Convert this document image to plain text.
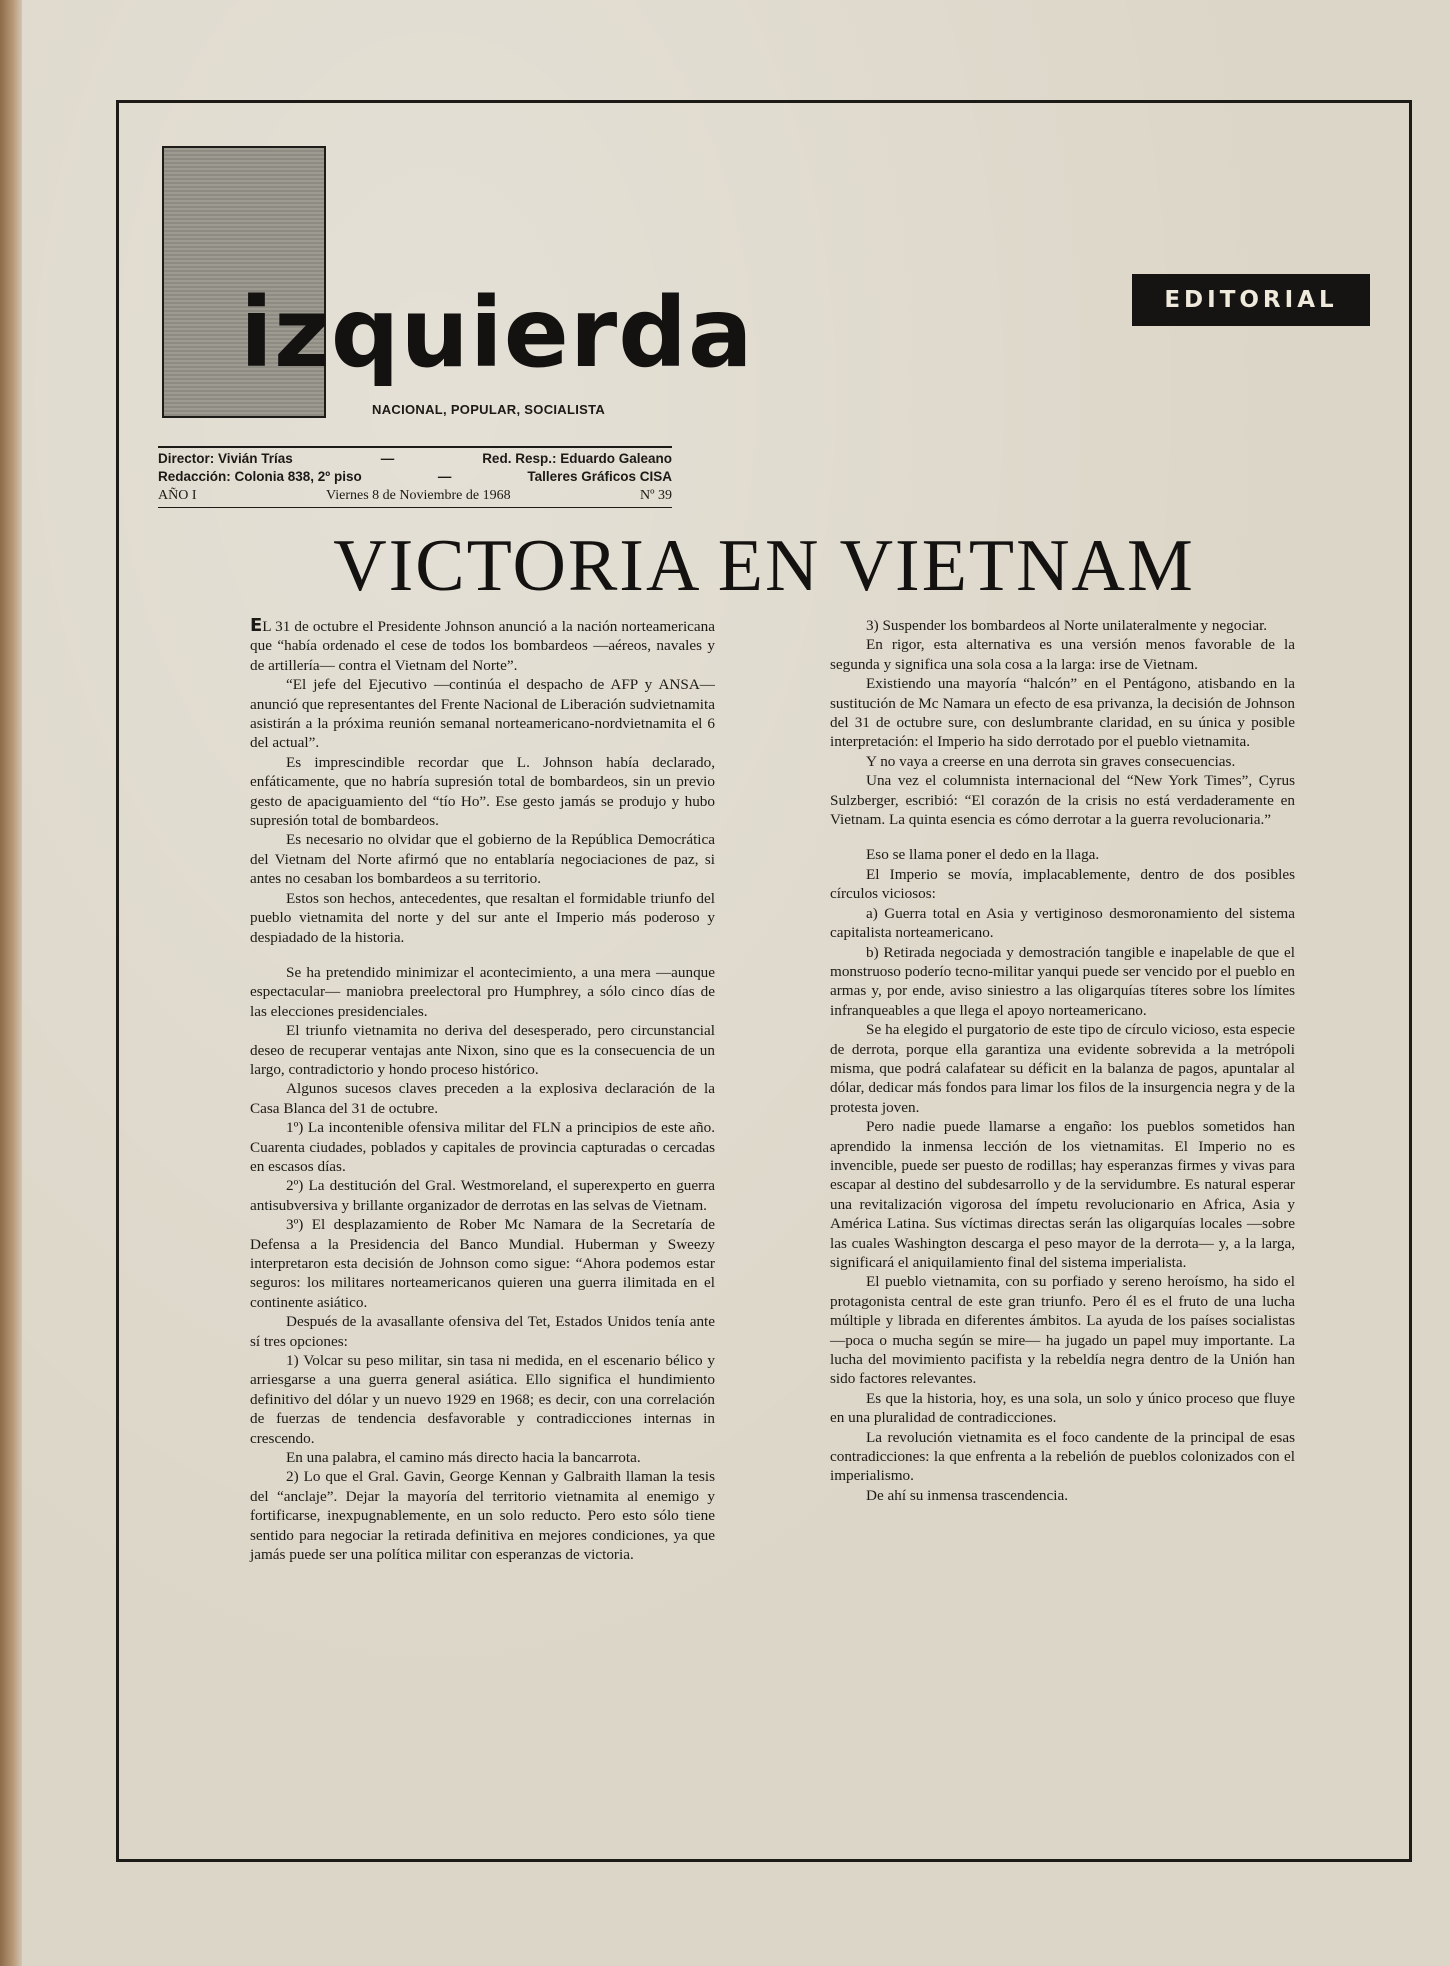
izquierda
NACIONAL, POPULAR, SOCIALISTA
Director: Vivián Trías	—	Red. Resp.: Eduardo Galeano
Redacción: Colonia 838, 2º piso	—	Talleres Gráficos CISA
AÑO I	Viernes 8 de Noviembre de 1968	Nº 39
EDITORIAL
VICTORIA EN VIETNAM

EL 31 de octubre el Presidente Johnson anunció a la nación norteamericana que “había ordenado el cese de todos los bombardeos —aéreos, navales y de artillería— contra el Vietnam del Norte”.

“El jefe del Ejecutivo —continúa el despacho de AFP y ANSA— anunció que representantes del Frente Nacional de Liberación sudvietnamita asistirán a la próxima reunión semanal norteamericano-nordvietnamita el 6 del actual”.

Es imprescindible recordar que L. Johnson había declarado, enfáticamente, que no habría supresión total de bombardeos, sin un previo gesto de apaciguamiento del “tío Ho”. Ese gesto jamás se produjo y hubo supresión total de bombardeos.

Es necesario no olvidar que el gobierno de la República Democrática del Vietnam del Norte afirmó que no entablaría negociaciones de paz, si antes no cesaban los bombardeos a su territorio.

Estos son hechos, antecedentes, que resaltan el formidable triunfo del pueblo vietnamita del norte y del sur ante el Imperio más poderoso y despiadado de la historia.

Se ha pretendido minimizar el acontecimiento, a una mera —aunque espectacular— maniobra preelectoral pro Humphrey, a sólo cinco días de las elecciones presidenciales.

El triunfo vietnamita no deriva del desesperado, pero circunstancial deseo de recuperar ventajas ante Nixon, sino que es la consecuencia de un largo, contradictorio y hondo proceso histórico.

Algunos sucesos claves preceden a la explosiva declaración de la Casa Blanca del 31 de octubre.

1º) La incontenible ofensiva militar del FLN a principios de este año. Cuarenta ciudades, poblados y capitales de provincia capturadas o cercadas en escasos días.

2º) La destitución del Gral. Westmoreland, el superexperto en guerra antisubversiva y brillante organizador de derrotas en las selvas de Vietnam.

3º) El desplazamiento de Rober Mc Namara de la Secretaría de Defensa a la Presidencia del Banco Mundial. Huberman y Sweezy interpretaron esta decisión de Johnson como sigue: “Ahora podemos estar seguros: los militares norteamericanos quieren una guerra ilimitada en el continente asiático.

Después de la avasallante ofensiva del Tet, Estados Unidos tenía ante sí tres opciones:

1) Volcar su peso militar, sin tasa ni medida, en el escenario bélico y arriesgarse a una guerra general asiática. Ello significa el hundimiento definitivo del dólar y un nuevo 1929 en 1968; es decir, con una correlación de fuerzas de tendencia desfavorable y contradicciones internas in crescendo.

En una palabra, el camino más directo hacia la bancarrota.

2) Lo que el Gral. Gavin, George Kennan y Galbraith llaman la tesis del “anclaje”. Dejar la mayoría del territorio vietnamita al enemigo y fortificarse, inexpugnablemente, en un solo reducto. Pero esto sólo tiene sentido para negociar la retirada definitiva en mejores condiciones, ya que jamás puede ser una política militar con esperanzas de victoria.

3) Suspender los bombardeos al Norte unilateralmente y negociar.

En rigor, esta alternativa es una versión menos favorable de la segunda y significa una sola cosa a la larga: irse de Vietnam.

Existiendo una mayoría “halcón” en el Pentágono, atisbando en la sustitución de Mc Namara un efecto de esa privanza, la decisión de Johnson del 31 de octubre sure, con deslumbrante claridad, en su única y posible interpretación: el Imperio ha sido derrotado por el pueblo vietnamita.

Y no vaya a creerse en una derrota sin graves consecuencias.

Una vez el columnista internacional del “New York Times”, Cyrus Sulzberger, escribió: “El corazón de la crisis no está verdaderamente en Vietnam. La quinta esencia es cómo derrotar a la guerra revolucionaria.”

Eso se llama poner el dedo en la llaga.

El Imperio se movía, implacablemente, dentro de dos posibles círculos viciosos:

a) Guerra total en Asia y vertiginoso desmoronamiento del sistema capitalista norteamericano.

b) Retirada negociada y demostración tangible e inapelable de que el monstruoso poderío tecno-militar yanqui puede ser vencido por el pueblo en armas y, por ende, aviso siniestro a las oligarquías títeres sobre los límites infranqueables a que llega el apoyo norteamericano.

Se ha elegido el purgatorio de este tipo de círculo vicioso, esta especie de derrota, porque ella garantiza una evidente sobrevida a la metrópoli misma, que podrá calafatear su déficit en la balanza de pagos, apuntalar al dólar, dedicar más fondos para limar los filos de la insurgencia negra y de la protesta joven.

Pero nadie puede llamarse a engaño: los pueblos sometidos han aprendido la inmensa lección de los vietnamitas. El Imperio no es invencible, puede ser puesto de rodillas; hay esperanzas firmes y vivas para escapar al destino del subdesarrollo y de la servidumbre. Es natural esperar una revitalización vigorosa del ímpetu revolucionario en Africa, Asia y América Latina. Sus víctimas directas serán las oligarquías locales —sobre las cuales Washington descarga el peso mayor de la derrota— y, a la larga, significará el aniquilamiento final del sistema imperialista.

El pueblo vietnamita, con su porfiado y sereno heroísmo, ha sido el protagonista central de este gran triunfo. Pero él es el fruto de una lucha múltiple y librada en diferentes ámbitos. La ayuda de los países socialistas —poca o mucha según se mire— ha jugado un papel muy importante. La lucha del movimiento pacifista y la rebeldía negra dentro de la Unión han sido factores relevantes.

Es que la historia, hoy, es una sola, un solo y único proceso que fluye en una pluralidad de contradicciones.

La revolución vietnamita es el foco candente de la principal de esas contradicciones: la que enfrenta a la rebelión de pueblos colonizados con el imperialismo.

De ahí su inmensa trascendencia.
